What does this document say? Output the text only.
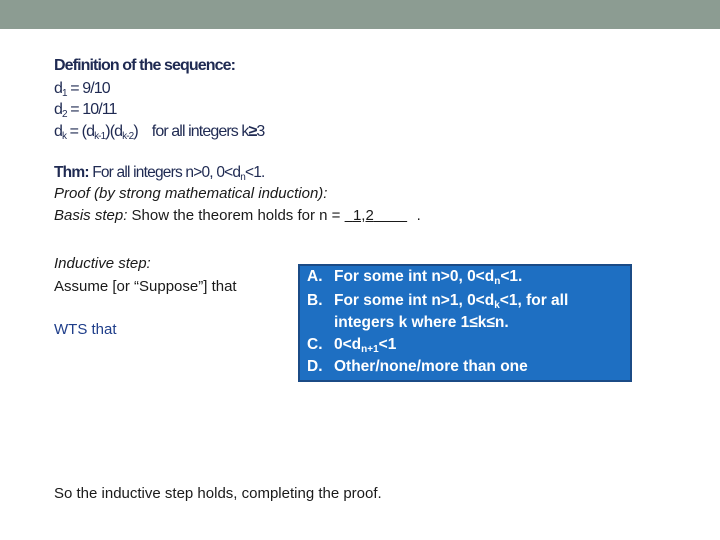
Definition of the sequence:
$d_1 = 9/10$
$d_2 = 10/11$
$d_k = (d_{k-1})(d_{k-2})$ for all integers k≥3
Thm: For all integers n>0, $0<d_n<1$.
Proof (by strong mathematical induction):
Basis step: Show the theorem holds for n =   1,2	.
Inductive step:
Assume [or “Suppose”] that
WTS that
A. For some int n>0, $0<d_n<1$.
B. For some int n>1, $0<d_k<1$, for all
integers k where 1≤k≤n.
C. $0<d_{n+1}<1$
D. Other/none/more than one
So the inductive step holds, completing the proof.
